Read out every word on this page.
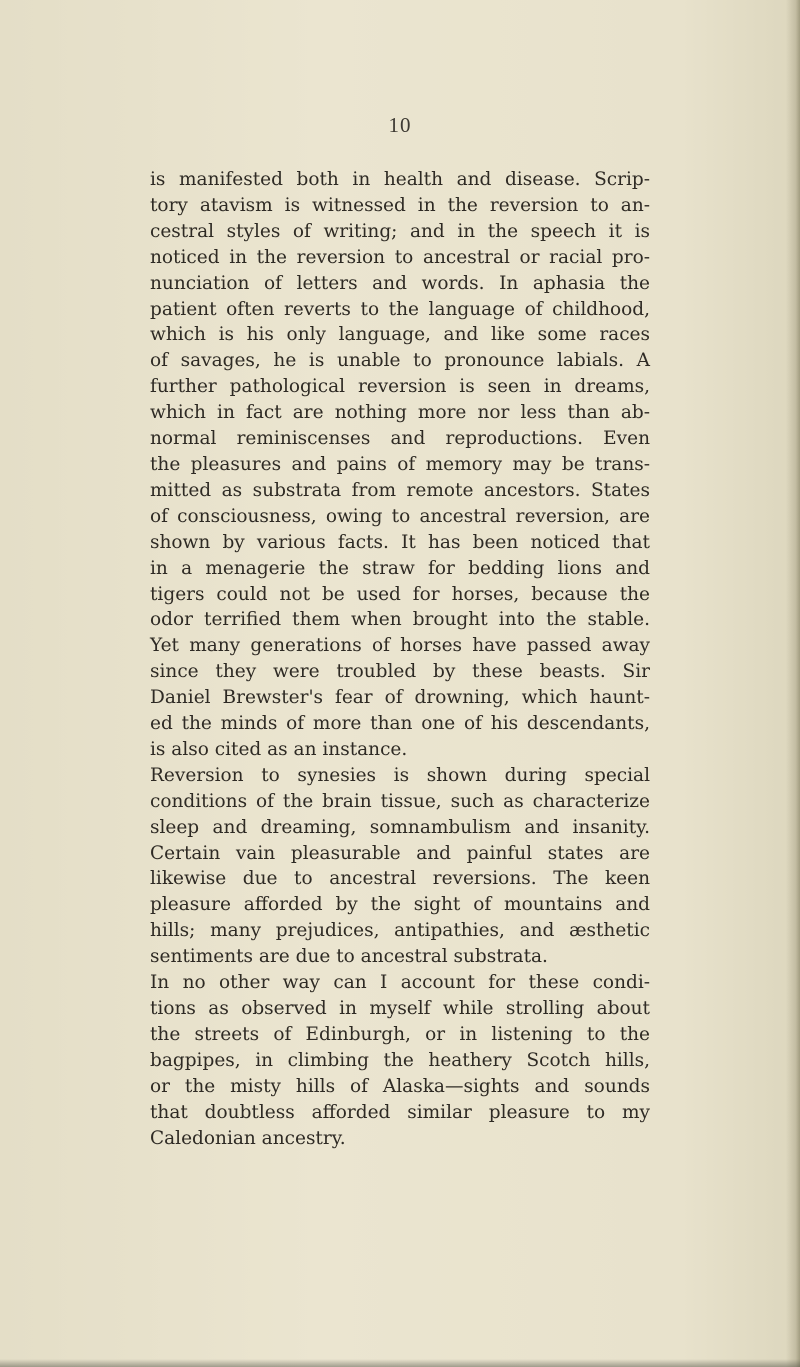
10
is manifested both in health and disease. Scrip-
tory atavism is witnessed in the reversion to an-
cestral styles of writing; and in the speech it is
noticed in the reversion to ancestral or racial pro-
nunciation of letters and words. In aphasia the
patient often reverts to the language of childhood,
which is his only language, and like some races
of savages, he is unable to pronounce labials. A
further pathological reversion is seen in dreams,
which in fact are nothing more nor less than ab-
normal reminiscenses and reproductions. Even
the pleasures and pains of memory may be trans-
mitted as substrata from remote ancestors. States
of consciousness, owing to ancestral reversion, are
shown by various facts. It has been noticed that
in a menagerie the straw for bedding lions and
tigers could not be used for horses, because the
odor terrified them when brought into the stable.
Yet many generations of horses have passed away
since they were troubled by these beasts. Sir
Daniel Brewster's fear of drowning, which haunt-
ed the minds of more than one of his descendants,
is also cited as an instance.
Reversion to synesies is shown during special
conditions of the brain tissue, such as characterize
sleep and dreaming, somnambulism and insanity.
Certain vain pleasurable and painful states are
likewise due to ancestral reversions. The keen
pleasure afforded by the sight of mountains and
hills; many prejudices, antipathies, and æsthetic
sentiments are due to ancestral substrata.
In no other way can I account for these condi-
tions as observed in myself while strolling about
the streets of Edinburgh, or in listening to the
bagpipes, in climbing the heathery Scotch hills,
or the misty hills of Alaska—sights and sounds
that doubtless afforded similar pleasure to my
Caledonian ancestry.
